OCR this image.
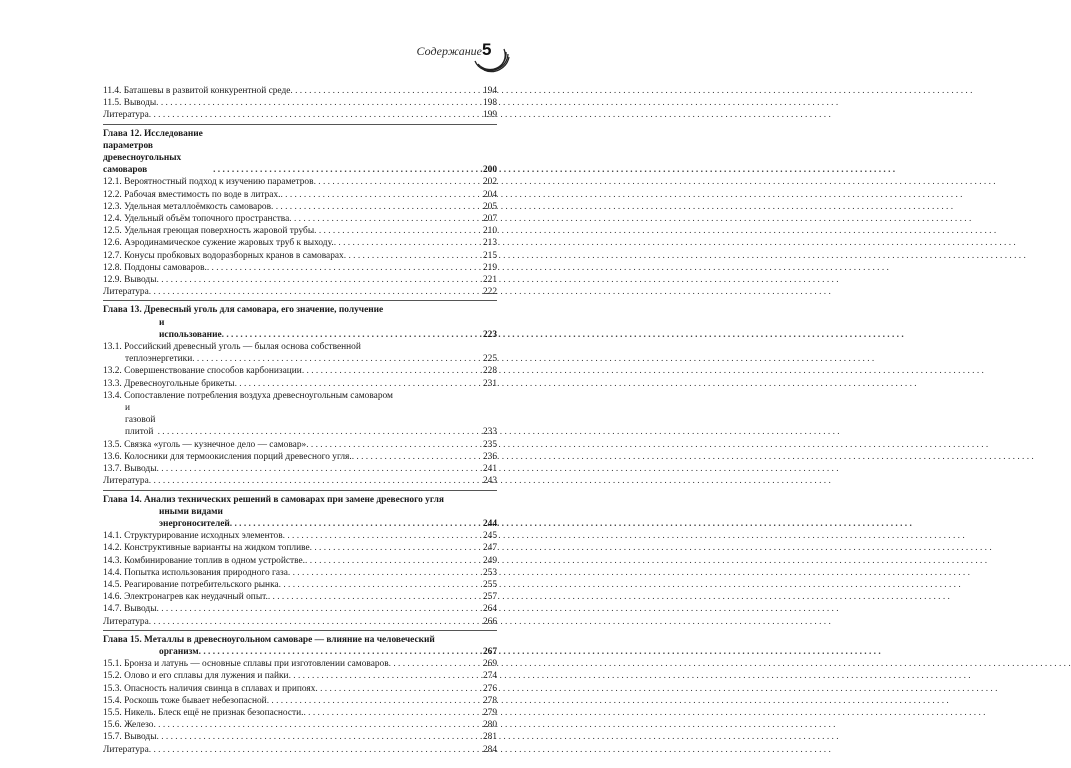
Содержание 5
11.4. Баташевы в развитой конкурентной среде . . .	194
11.5. Выводы . . .	198
Литература . . .	199
Глава 12. Исследование параметров древесноугольных самоваров . . .	200
12.1. Вероятностный подход к изучению параметров . . .	202
12.2. Рабочая вместимость по воде в литрах. . . .	204
12.3. Удельная металлоёмкость самоваров . . .	205
12.4. Удельный объём топочного пространства . . .	207
12.5. Удельная греющая поверхность жаровой трубы . . .	210
12.6. Аэродинамическое сужение жаровых труб к выходу. . . .	213
12.7. Конусы пробковых водоразборных кранов в самоварах . . .	215
12.8. Поддоны самоваров. . . .	219
12.9. Выводы . . .	221
Литература . . .	222
Глава 13. Древесный уголь для самовара, его значение, получение
и использование . . .	223
13.1. Российский древесный уголь — былая основа собственной
теплоэнергетики . . .	225
13.2. Совершенствование способов карбонизации . . .	228
13.3. Древесноугольные брикеты . . .	231
13.4. Сопоставление потребления воздуха древесноугольным самоваром
и газовой плитой . . .	233
13.5. Связка «уголь — кузнечное дело — самовар» . . .	235
13.6. Колосники для термоокисления порций древесного угля. . . .	236
13.7. Выводы . . .	241
Литература . . .	243
Глава 14. Анализ технических решений в самоварах при замене древесного угля
иными видами энергоносителей . . .	244
14.1. Структурирование исходных элементов . . .	245
14.2. Конструктивные варианты на жидком топливе . . .	247
14.3. Комбинирование топлив в одном устройстве. . . .	249
14.4. Попытка использования природного газа . . .	253
14.5. Реагирование потребительского рынка . . .	255
14.6. Электронагрев как неудачный опыт. . . .	257
14.7. Выводы . . .	264
Литература . . .	266
Глава 15. Металлы в древесноугольном самоваре — влияние на человеческий
организм . . .	267
15.1. Бронза и латунь — основные сплавы при изготовлении самоваров . . .	269
15.2. Олово и его сплавы для лужения и пайки . . .	274
15.3. Опасность наличия свинца в сплавах и припоях . . .	276
15.4. Роскошь тоже бывает небезопасной . . .	278
15.5. Никель. Блеск ещё не признак безопасности. . . .	279
15.6. Железо . . .	280
15.7. Выводы . . .	281
Литература . . .	284
